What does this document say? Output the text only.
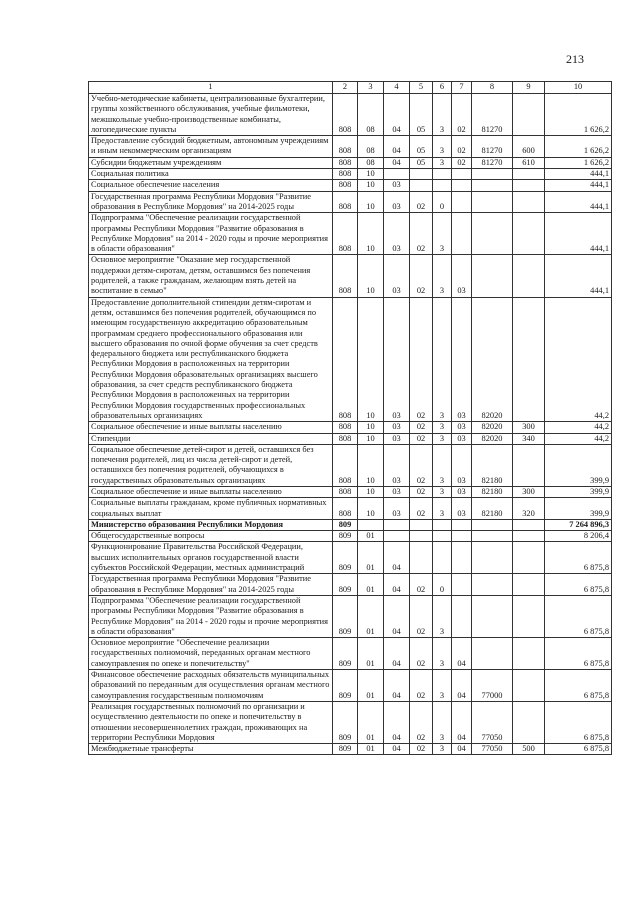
213
1	2	3	4	5	6	7	8	9	10
Учебно-методические кабинеты, централизованные бухгалтерии, группы хозяйственного обслуживания, учебные фильмотеки, межшкольные учебно-производственные комбинаты, логопедические пункты	808	08	04	05	3	02	81270		1 626,2
Предоставление субсидий бюджетным, автономным учреждениям и иным некоммерческим организациям	808	08	04	05	3	02	81270	600	1 626,2
Субсидии бюджетным учреждениям	808	08	04	05	3	02	81270	610	1 626,2
Социальная политика	808	10							444,1
Социальное обеспечение населения	808	10	03						444,1
Государственная программа Республики Мордовия "Развитие образования в Республике Мордовия" на 2014-2025 годы	808	10	03	02	0				444,1
Подпрограмма "Обеспечение реализации государственной программы Республики Мордовия "Развитие образования в Республике Мордовия" на 2014 - 2020 годы и прочие мероприятия в области образования"	808	10	03	02	3				444,1
Основное мероприятие "Оказание мер государственной поддержки детям-сиротам, детям, оставшимся без попечения родителей, а также гражданам, желающим взять детей на воспитание в семью"	808	10	03	02	3	03			444,1
Предоставление дополнительной стипендии детям-сиротам и детям, оставшимся без попечения родителей, обучающимся по имеющим государственную аккредитацию образовательным программам среднего профессионального образования или высшего образования по очной форме обучения за счет средств федерального бюджета или республиканского бюджета Республики Мордовия в расположенных на территории Республики Мордовия образовательных организациях высшего образования, за счет средств республиканского бюджета Республики Мордовия в расположенных на территории Республики Мордовия государственных профессиональных образовательных организациях	808	10	03	02	3	03	82020		44,2
Социальное обеспечение и иные выплаты населению	808	10	03	02	3	03	82020	300	44,2
Стипендии	808	10	03	02	3	03	82020	340	44,2
Социальное обеспечение детей-сирот и детей, оставшихся без попечения родителей, лиц из числа детей-сирот и детей, оставшихся без попечения родителей, обучающихся в государственных образовательных организациях	808	10	03	02	3	03	82180		399,9
Социальное обеспечение и иные выплаты населению	808	10	03	02	3	03	82180	300	399,9
Социальные выплаты гражданам, кроме публичных нормативных социальных выплат	808	10	03	02	3	03	82180	320	399,9
Министерство образования Республики Мордовия	809								7 264 896,3
Общегосударственные вопросы	809	01							8 206,4
Функционирование Правительства Российской Федерации, высших исполнительных органов государственной власти субъектов Российской Федерации, местных администраций	809	01	04						6 875,8
Государственная программа Республики Мордовия "Развитие образования в Республике Мордовия" на 2014-2025 годы	809	01	04	02	0				6 875,8
Подпрограмма "Обеспечение реализации государственной программы Республики Мордовия "Развитие образования в Республике Мордовия" на 2014 - 2020 годы и прочие мероприятия в области образования"	809	01	04	02	3				6 875,8
Основное мероприятие "Обеспечение реализации государственных полномочий, переданных органам местного самоуправления по опеке и попечительству"	809	01	04	02	3	04			6 875,8
Финансовое обеспечение расходных обязательств муниципальных образований по переданным для осуществления органам местного самоуправления государственным полномочиям	809	01	04	02	3	04	77000		6 875,8
Реализация государственных полномочий по организации и осуществлению деятельности по опеке и попечительству в отношении несовершеннолетних граждан, проживающих на территории Республики Мордовия	809	01	04	02	3	04	77050		6 875,8
Межбюджетные трансферты	809	01	04	02	3	04	77050	500	6 875,8
